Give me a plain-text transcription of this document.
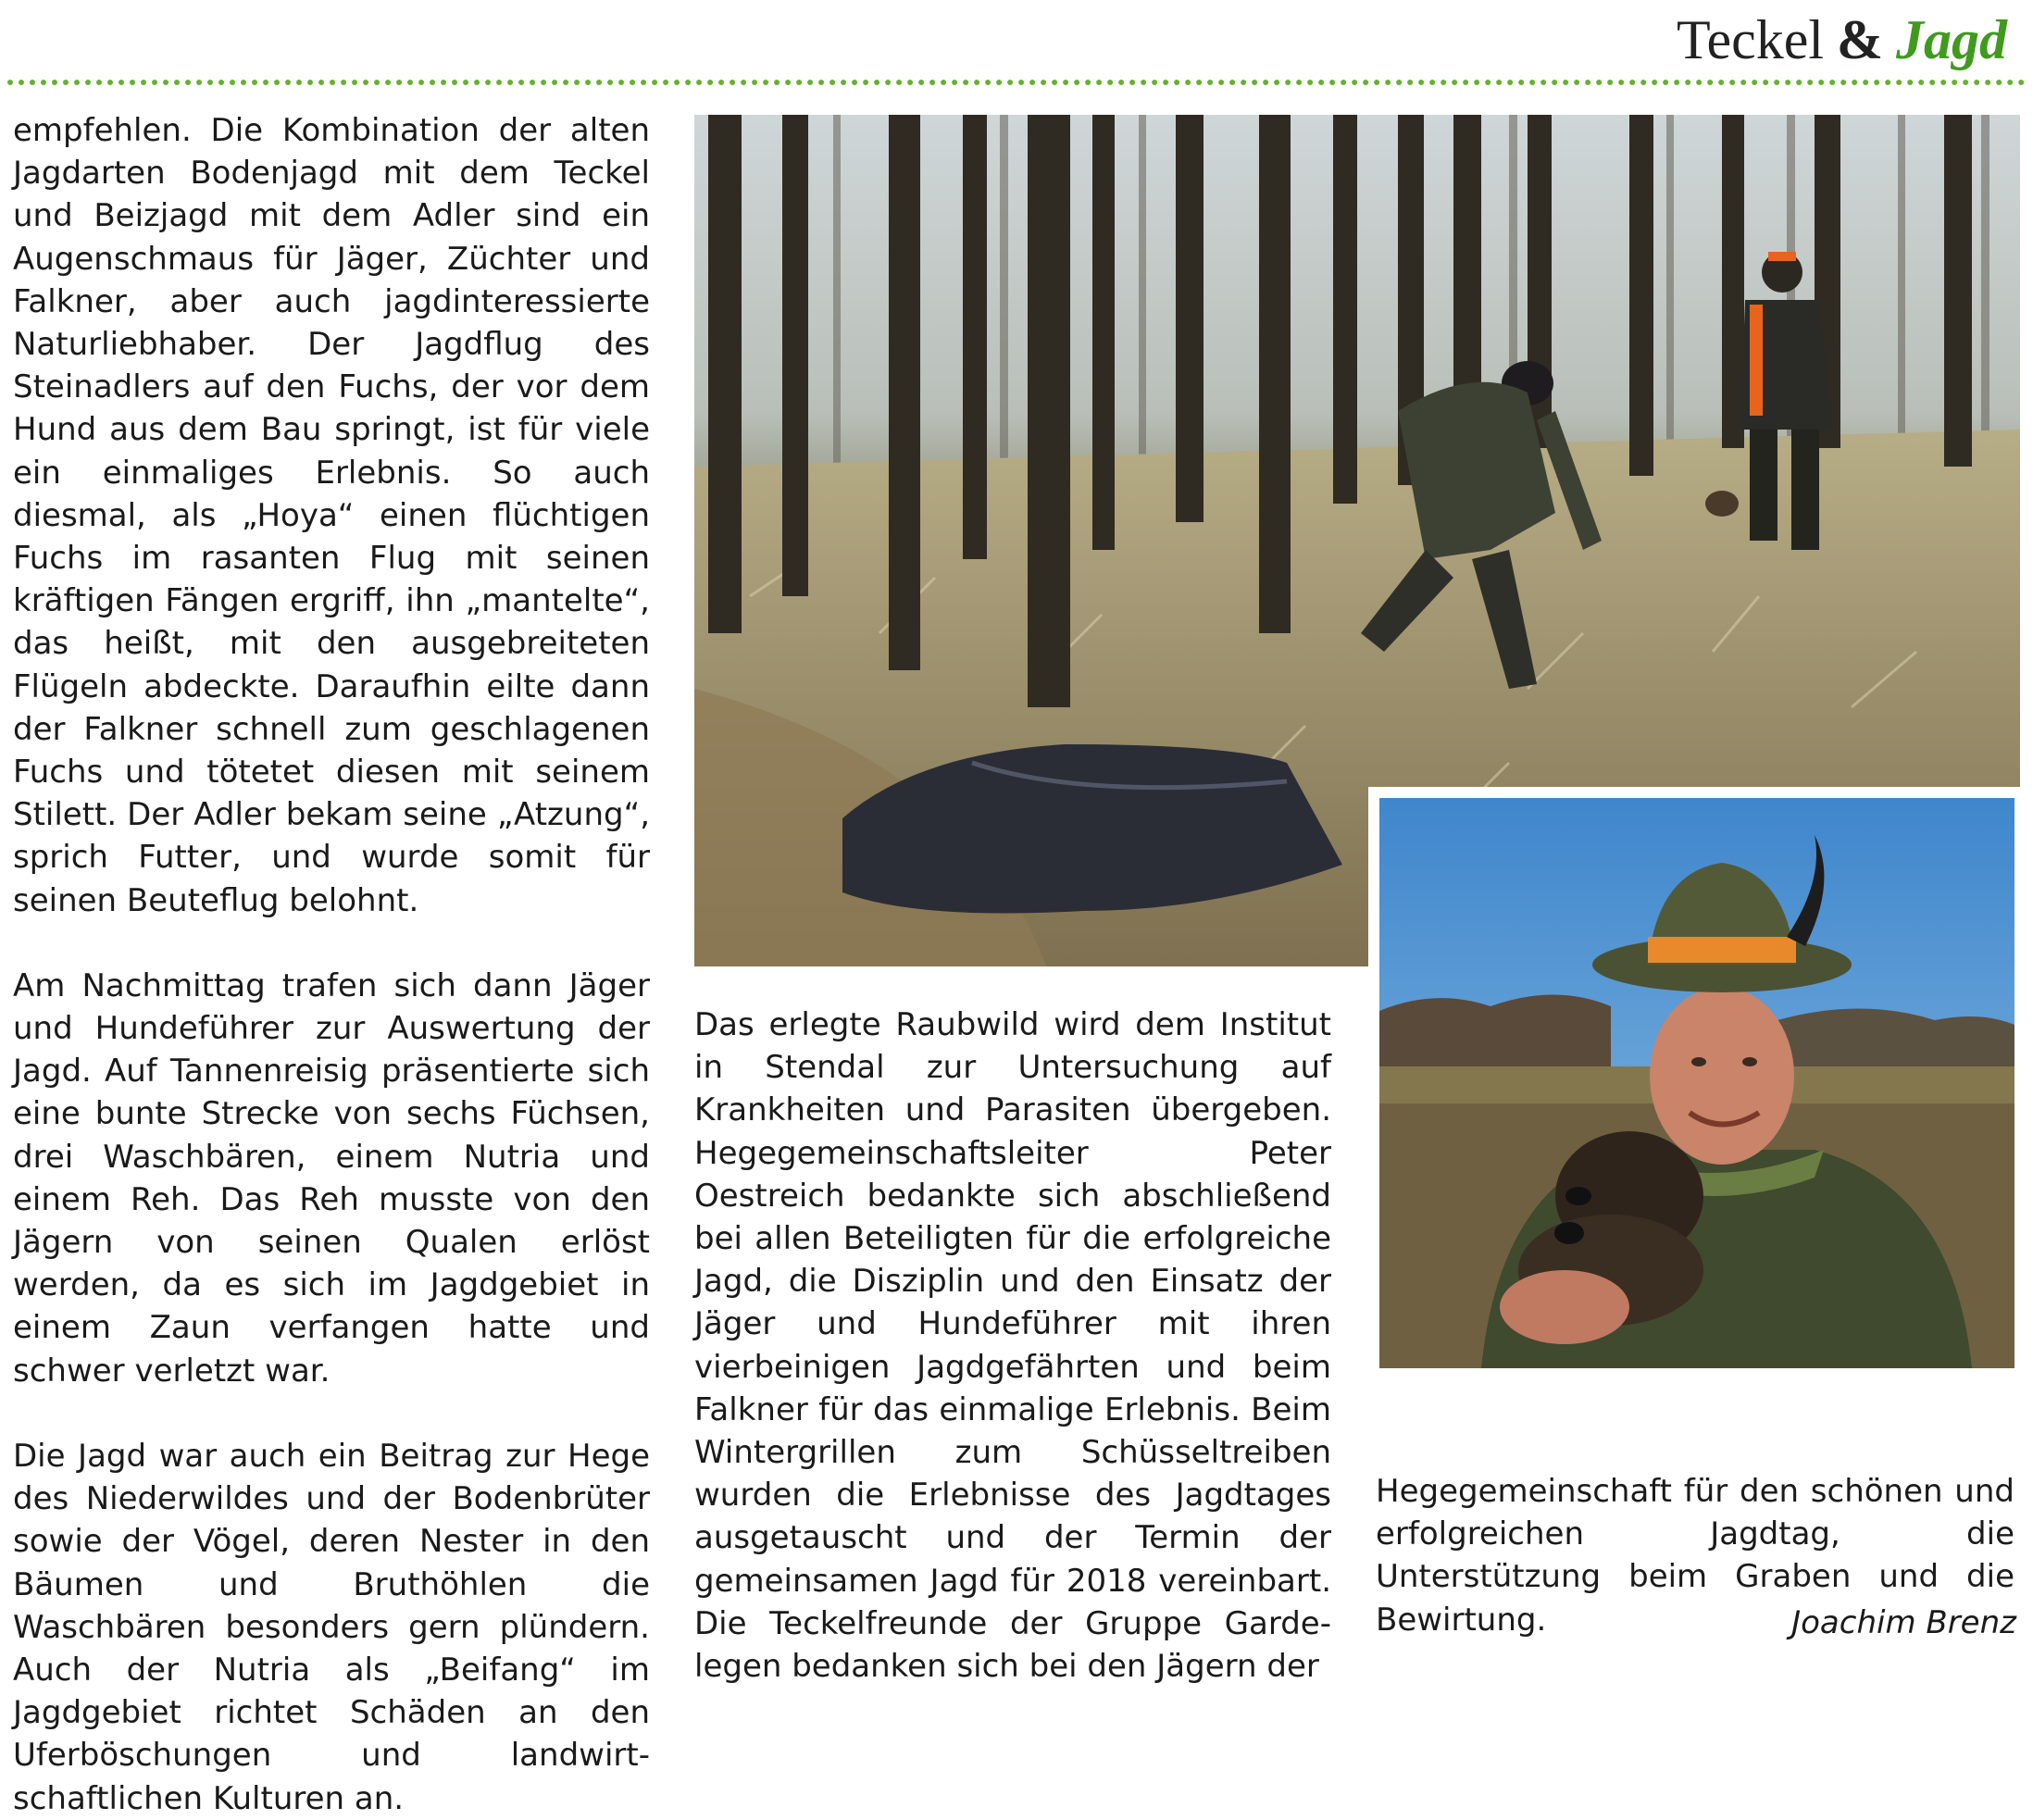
Teckel & Jagd

empfehlen. Die Kombination der alten Jagdarten Bodenjagd mit dem Teckel und Beizjagd mit dem Adler sind ein Augenschmaus für Jäger, Züchter und Falkner, aber auch jagdinteressierte Naturliebhaber. Der Jagdflug des Steinadlers auf den Fuchs, der vor dem Hund aus dem Bau springt, ist für viele ein einmaliges Erlebnis. So auch diesmal, als „Hoya“ einen flüchtigen Fuchs im rasanten Flug mit seinen kräftigen Fängen ergriff, ihn „mantelte“, das heißt, mit den ausgebreiteten Flügeln abdeckte. Daraufhin eilte dann der Falkner schnell zum geschlagenen Fuchs und tötetet diesen mit seinem Stilett. Der Adler bekam seine „Atzung“, sprich Futter, und wurde somit für seinen Beuteflug belohnt.

Am Nachmittag trafen sich dann Jäger und Hundeführer zur Auswertung der Jagd. Auf Tannenreisig präsentierte sich eine bunte Strecke von sechs Füchsen, drei Waschbären, einem Nutria und einem Reh. Das Reh musste von den Jägern von seinen Qualen erlöst werden, da es sich im Jagdgebiet in einem Zaun verfangen hatte und schwer verletzt war.

Die Jagd war auch ein Beitrag zur Hege des Niederwildes und der Bodenbrüter sowie der Vögel, deren Nester in den Bäumen und Bruthöhlen die Waschbären besonders gern plündern. Auch der Nutria als „Beifang“ im Jagdgebiet richtet Schäden an den Uferböschungen und landwirtschaftlichen Kulturen an.

Das erlegte Raubwild wird dem Institut in Stendal zur Untersuchung auf Krankheiten und Parasiten übergeben. Hegegemeinschaftsleiter Peter Oestreich bedankte sich abschließend bei allen Beteiligten für die erfolgreiche Jagd, die Disziplin und den Einsatz der Jäger und Hundeführer mit ihren vierbeinigen Jagdgefährten und beim Falkner für das einmalige Erlebnis. Beim Wintergrillen zum Schüsseltreiben wurden die Erlebnisse des Jagdtages ausgetauscht und der Termin der gemeinsamen Jagd für 2018 vereinbart. Die Teckelfreunde der Gruppe Gardelegen bedanken sich bei den Jägern der

Hegegemeinschaft für den schönen und erfolgreichen Jagdtag, die Unterstützung beim Graben und die Bewirtung.	Joachim Brenz
